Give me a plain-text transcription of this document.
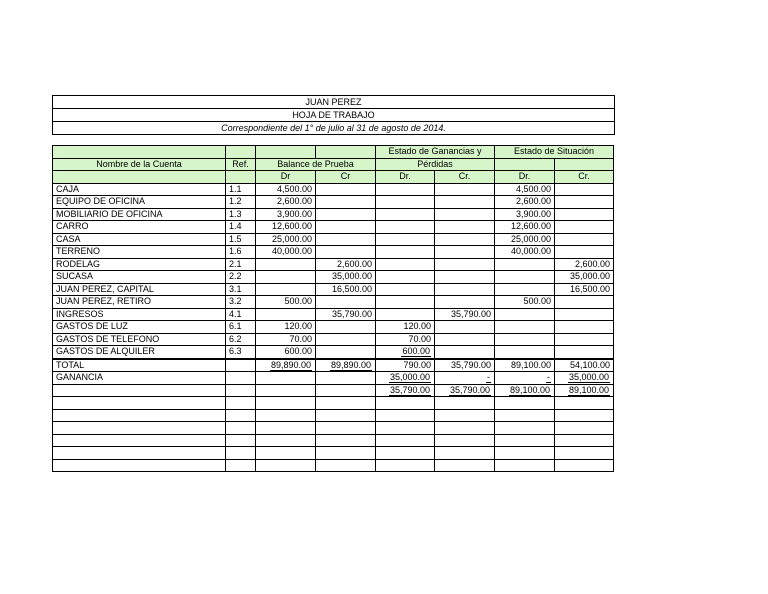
JUAN PEREZ
HOJA DE TRABAJO
Correspondiente del 1° de julio al 31 de agosto de 2014.
				Estado de Ganancias y		Estado de Situación	
Nombre de la Cuenta	Ref.	Balance de Prueba		Pérdidas			
		Dr	Cr	Dr.	Cr.	Dr.	Cr.
CAJA	1.1	4,500.00				4,500.00	
EQUIPO DE OFICINA	1.2	2,600.00				2,600.00	
MOBILIARIO DE OFICINA	1.3	3,900.00				3,900.00	
CARRO	1.4	12,600.00				12,600.00	
CASA	1.5	25,000.00				25,000.00	
TERRENO	1.6	40,000.00				40,000.00	
RODELAG	2.1		2,600.00				2,600.00
SUCASA	2.2		35,000.00				35,000.00
JUAN PEREZ, CAPITAL	3.1		16,500.00				16,500.00
JUAN PEREZ, RETIRO	3.2	500.00				500.00	
INGRESOS	4.1		35,790.00		35,790.00		
GASTOS DE LUZ	6.1	120.00		120.00			
GASTOS DE TELEFONO	6.2	70.00		70.00			
GASTOS DE ALQUILER	6.3	600.00		600.00			
TOTAL		89,890.00	89,890.00	790.00	35,790.00	89,100.00	54,100.00
GANANCIA				35,000.00	-	-	35,000.00
				35,790.00	35,790.00	89,100.00	89,100.00
